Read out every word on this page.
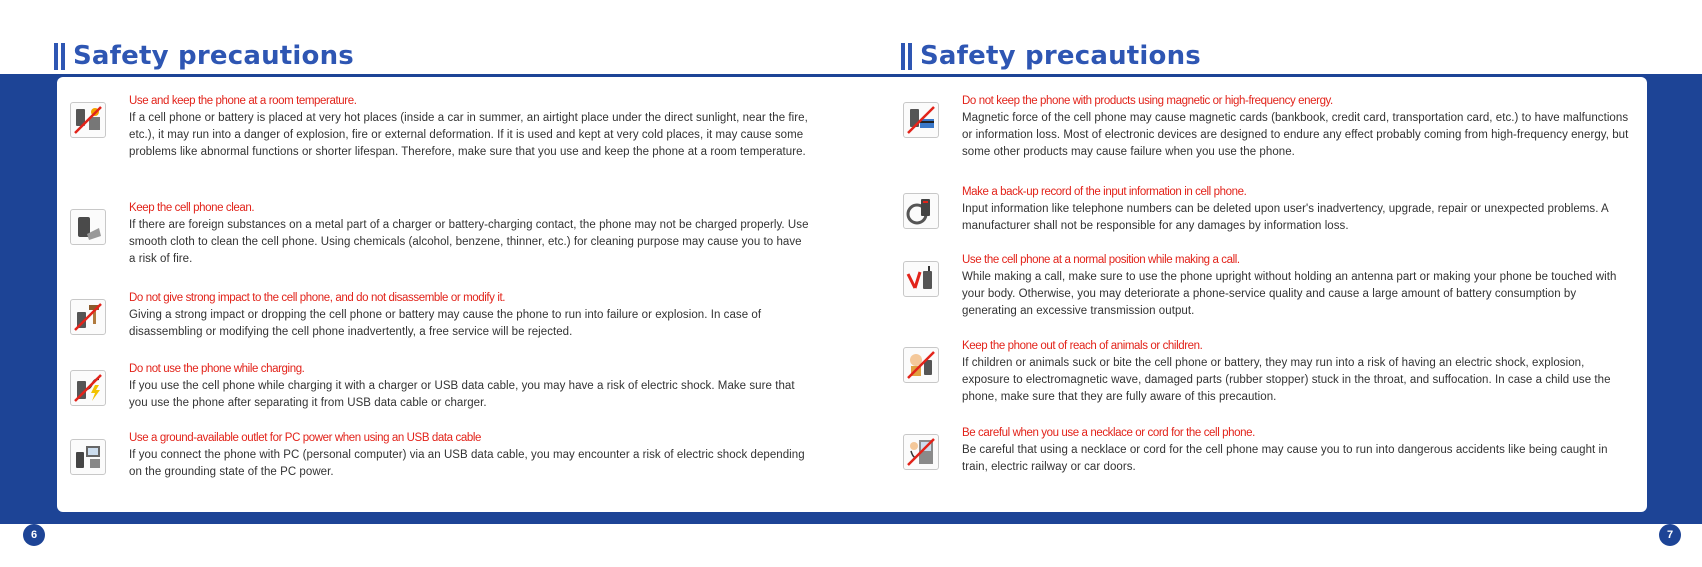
Safety precautions	Safety precautions
Use and keep the phone at a room temperature.
If a cell phone or battery is placed at very hot places (inside a car in summer, an airtight place under the direct sunlight, near the fire, etc.), it may run into a danger of explosion, fire or external deformation. If it is used and kept at very cold places, it may cause some problems like abnormal functions or shorter lifespan. Therefore, make sure that you use and keep the phone at a room temperature.
Keep the cell phone clean.
If there are foreign substances on a metal part of a charger or battery-charging contact, the phone may not be charged properly. Use smooth cloth to clean the cell phone. Using chemicals (alcohol, benzene, thinner, etc.) for cleaning purpose may cause you to have a risk of fire.
Do not give strong impact to the cell phone, and do not disassemble or modify it.
Giving a strong impact or dropping the cell phone or battery may cause the phone to run into failure or explosion. In case of disassembling or modifying the cell phone inadvertently, a free service will be rejected.
Do not use the phone while charging.
If you use the cell phone while charging it with a charger or USB data cable, you may have a risk of electric shock. Make sure that you use the phone after separating it from USB data cable or charger.
Use a ground-available outlet for PC power when using an USB data cable
If you connect the phone with PC (personal computer) via an USB data cable, you may encounter a risk of electric shock depending on the grounding state of the PC power.
Do not keep the phone with products using magnetic or high-frequency energy.
Magnetic force of the cell phone may cause magnetic cards (bankbook, credit card, transportation card, etc.) to have malfunctions or information loss. Most of electronic devices are designed to endure any effect probably coming from high-frequency energy, but some other products may cause failure when you use the phone.
Make a back-up record of the input information in cell phone.
Input information like telephone numbers can be deleted upon user's inadvertency, upgrade, repair or unexpected problems. A manufacturer shall not be responsible for any damages by information loss.
Use the cell phone at a normal position while making a call.
While making a call, make sure to use the phone upright without holding an antenna part or making your phone be touched with your body. Otherwise, you may deteriorate a phone-service quality and cause a large amount of battery consumption by generating an excessive transmission output.
Keep the phone out of reach of animals or children.
If children or animals suck or bite the cell phone or battery, they may run into a risk of having an electric shock, explosion, exposure to electromagnetic wave, damaged parts (rubber stopper) stuck in the throat, and suffocation. In case a child use the phone, make sure that they are fully aware of this precaution.
Be careful when you use a necklace or cord for the cell phone.
Be careful that using a necklace or cord for the cell phone may cause you to run into dangerous accidents like being caught in train, electric railway or car doors.
6	7
